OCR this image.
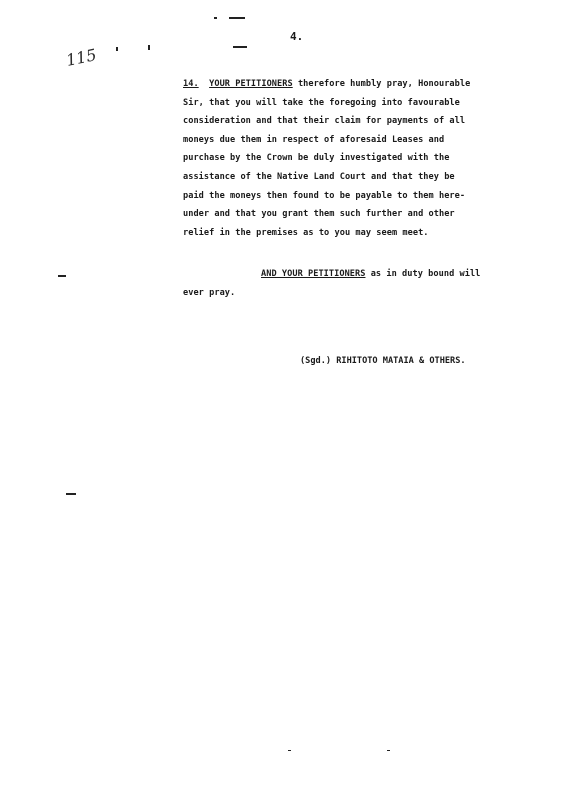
115
4.
14. YOUR PETITIONERS therefore humbly pray, Honourable
Sir, that you will take the foregoing into favourable
consideration and that their claim for payments of all
moneys due them in respect of aforesaid Leases and
purchase by the Crown be duly investigated with the
assistance of the Native Land Court and that they be
paid the moneys then found to be payable to them here-
under and that you grant them such further and other
relief in the premises as to you may seem meet.
AND YOUR PETITIONERS as in duty bound will
ever pray.
(Sgd.) RIHITOTO MATAIA & OTHERS.
